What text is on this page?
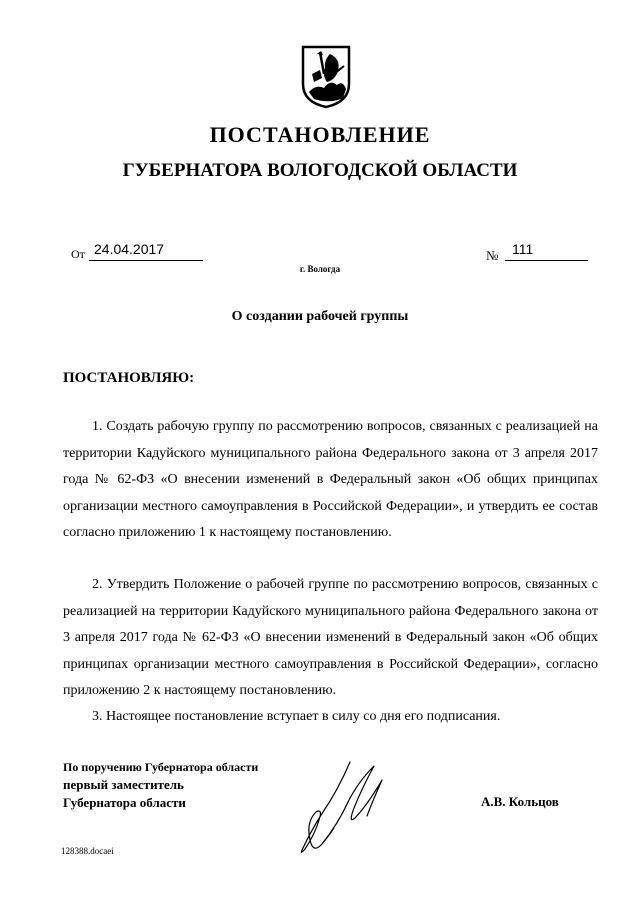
ПОСТАНОВЛЕНИЕ
ГУБЕРНАТОРА ВОЛОГОДСКОЙ ОБЛАСТИ
От 24.04.2017	№ 111
г. Вологда
О создании рабочей группы
ПОСТАНОВЛЯЮ:
1. Создать рабочую группу по рассмотрению вопросов, связанных с реализацией на территории Кадуйского муниципального района Федерального закона от 3 апреля 2017 года № 62-ФЗ «О внесении изменений в Федеральный закон «Об общих принципах организации местного самоуправления в Российской Федерации», и утвердить ее состав согласно приложению 1 к настоящему постановлению.
2. Утвердить Положение о рабочей группе по рассмотрению вопросов, связанных с реализацией на территории Кадуйского муниципального района Федерального закона от 3 апреля 2017 года № 62-ФЗ «О внесении изменений в Федеральный закон «Об общих принципах организации местного самоуправления в Российской Федерации», согласно приложению 2 к настоящему постановлению.
3. Настоящее постановление вступает в силу со дня его подписания.
По поручению Губернатора области
первый заместитель
Губернатора области	А.В. Кольцов
128388.docaei
